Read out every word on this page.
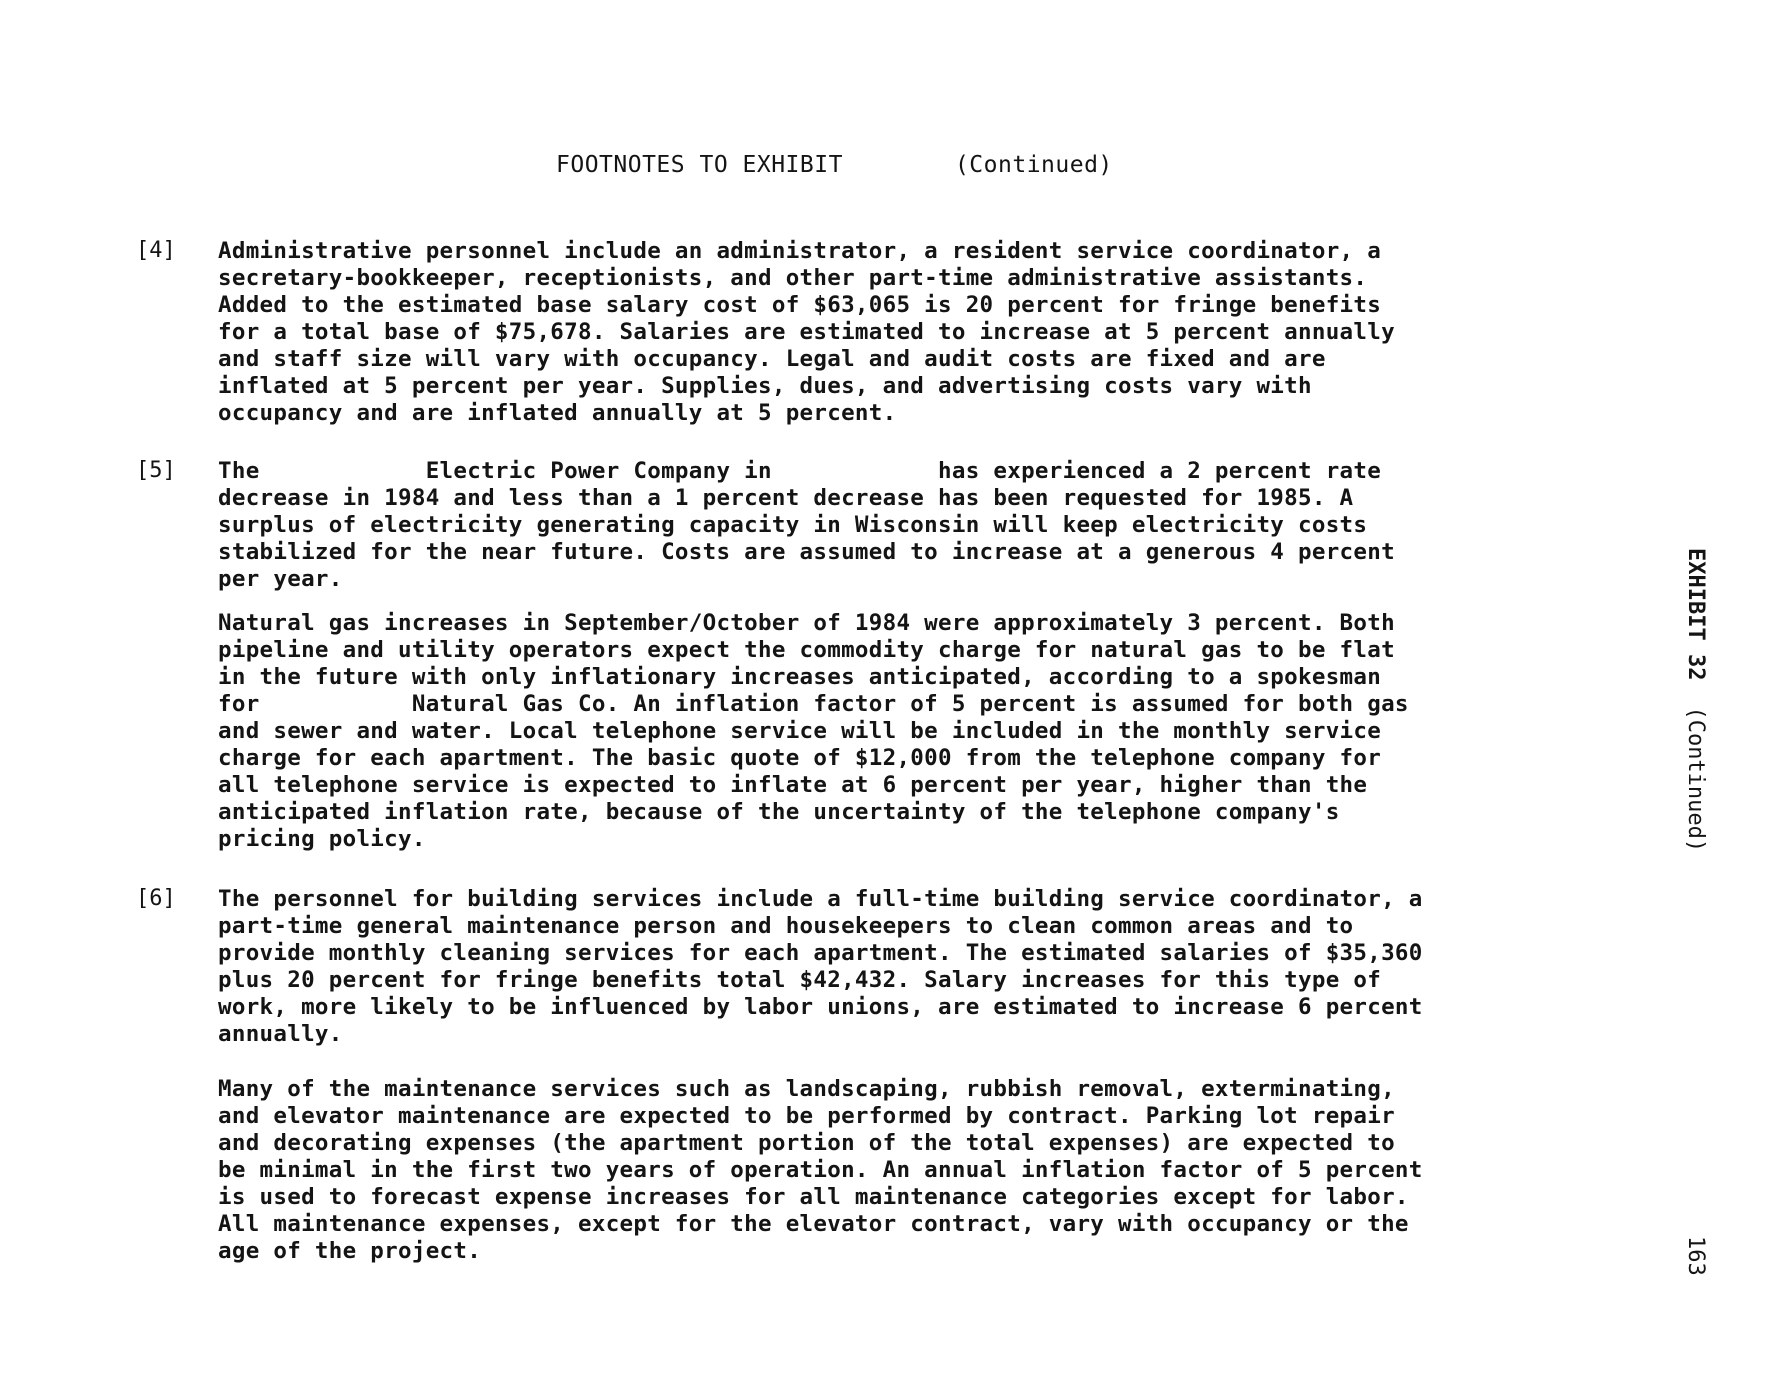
FOOTNOTES TO EXHIBIT	(Continued)
[4]	Administrative personnel include an administrator, a resident service coordinator, a
secretary-bookkeeper, receptionists, and other part-time administrative assistants.
Added to the estimated base salary cost of $63,065 is 20 percent for fringe benefits
for a total base of $75,678. Salaries are estimated to increase at 5 percent annually
and staff size will vary with occupancy. Legal and audit costs are fixed and are
inflated at 5 percent per year. Supplies, dues, and advertising costs vary with
occupancy and are inflated annually at 5 percent.
[5]	The            Electric Power Company in            has experienced a 2 percent rate
decrease in 1984 and less than a 1 percent decrease has been requested for 1985. A
surplus of electricity generating capacity in Wisconsin will keep electricity costs
stabilized for the near future. Costs are assumed to increase at a generous 4 percent
per year.
Natural gas increases in September/October of 1984 were approximately 3 percent. Both
pipeline and utility operators expect the commodity charge for natural gas to be flat
in the future with only inflationary increases anticipated, according to a spokesman
for           Natural Gas Co. An inflation factor of 5 percent is assumed for both gas
and sewer and water. Local telephone service will be included in the monthly service
charge for each apartment. The basic quote of $12,000 from the telephone company for
all telephone service is expected to inflate at 6 percent per year, higher than the
anticipated inflation rate, because of the uncertainty of the telephone company's
pricing policy.
[6]	The personnel for building services include a full-time building service coordinator, a
part-time general maintenance person and housekeepers to clean common areas and to
provide monthly cleaning services for each apartment. The estimated salaries of $35,360
plus 20 percent for fringe benefits total $42,432. Salary increases for this type of
work, more likely to be influenced by labor unions, are estimated to increase 6 percent
annually.
Many of the maintenance services such as landscaping, rubbish removal, exterminating,
and elevator maintenance are expected to be performed by contract. Parking lot repair
and decorating expenses (the apartment portion of the total expenses) are expected to
be minimal in the first two years of operation. An annual inflation factor of 5 percent
is used to forecast expense increases for all maintenance categories except for labor.
All maintenance expenses, except for the elevator contract, vary with occupancy or the
age of the project.
EXHIBIT 32(Continued)
163
